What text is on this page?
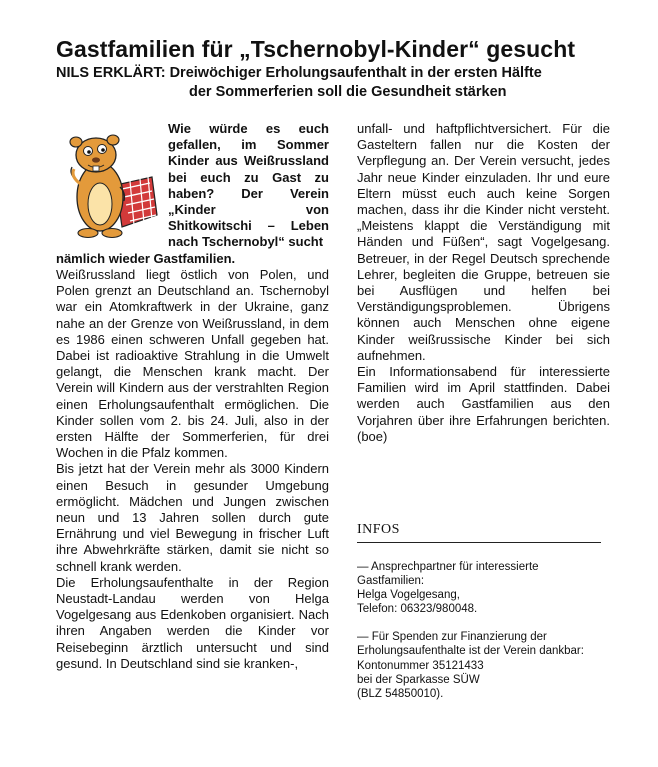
Gastfamilien für „Tschernobyl-Kinder“ gesucht
NILS ERKLÄRT: Dreiwöchiger Erholungsaufenthalt in der ersten Hälfte
der Sommerferien soll die Gesundheit stärken
Wie würde es euch gefallen, im Sommer Kinder aus Weißrussland bei euch zu Gast zu haben? Der Verein „Kinder von Shitkowitschi – Leben nach Tschernobyl“ sucht
nämlich wieder Gastfamilien.

Weißrussland liegt östlich von Polen, und Polen grenzt an Deutschland an. Tschernobyl war ein Atomkraftwerk in der Ukraine, ganz nahe an der Grenze von Weißrussland, in dem es 1986 einen schweren Unfall gegeben hat. Dabei ist radioaktive Strahlung in die Umwelt gelangt, die Menschen krank macht. Der Verein will Kindern aus der verstrahlten Region einen Erholungsaufenthalt ermöglichen. Die Kinder sollen vom 2. bis 24. Juli, also in der ersten Hälfte der Sommerferien, für drei Wochen in die Pfalz kommen.

Bis jetzt hat der Verein mehr als 3000 Kindern einen Besuch in gesunder Umgebung ermöglicht. Mädchen und Jungen zwischen neun und 13 Jahren sollen durch gute Ernährung und viel Bewegung in frischer Luft ihre Abwehrkräfte stärken, damit sie nicht so schnell krank werden.

Die Erholungsaufenthalte in der Region Neustadt-Landau werden von Helga Vogelgesang aus Edenkoben organisiert. Nach ihren Angaben werden die Kinder vor Reisebeginn ärztlich untersucht und sind gesund. In Deutschland sind sie kranken-,

unfall- und haftpflichtversichert. Für die Gasteltern fallen nur die Kosten der Verpflegung an. Der Verein versucht, jedes Jahr neue Kinder einzuladen. Ihr und eure Eltern müsst euch auch keine Sorgen machen, dass ihr die Kinder nicht versteht. „Meistens klappt die Verständigung mit Händen und Füßen“, sagt Vogelgesang. Betreuer, in der Regel Deutsch sprechende Lehrer, begleiten die Gruppe, betreuen sie bei Ausflügen und helfen bei Verständigungsproblemen. Übrigens können auch Menschen ohne eigene Kinder weißrussische Kinder bei sich aufnehmen.

Ein Informationsabend für interessierte Familien wird im April stattfinden. Dabei werden auch Gastfamilien aus den Vorjahren über ihre Erfahrungen berichten. (boe)

INFOS

— Ansprechpartner für interessierte
Gastfamilien:
Helga Vogelgesang,
Telefon: 06323/980048.

— Für Spenden zur Finanzierung der
Erholungsaufenthalte ist der Verein dankbar:
Kontonummer 35121433
bei der Sparkasse SÜW
(BLZ 54850010).
